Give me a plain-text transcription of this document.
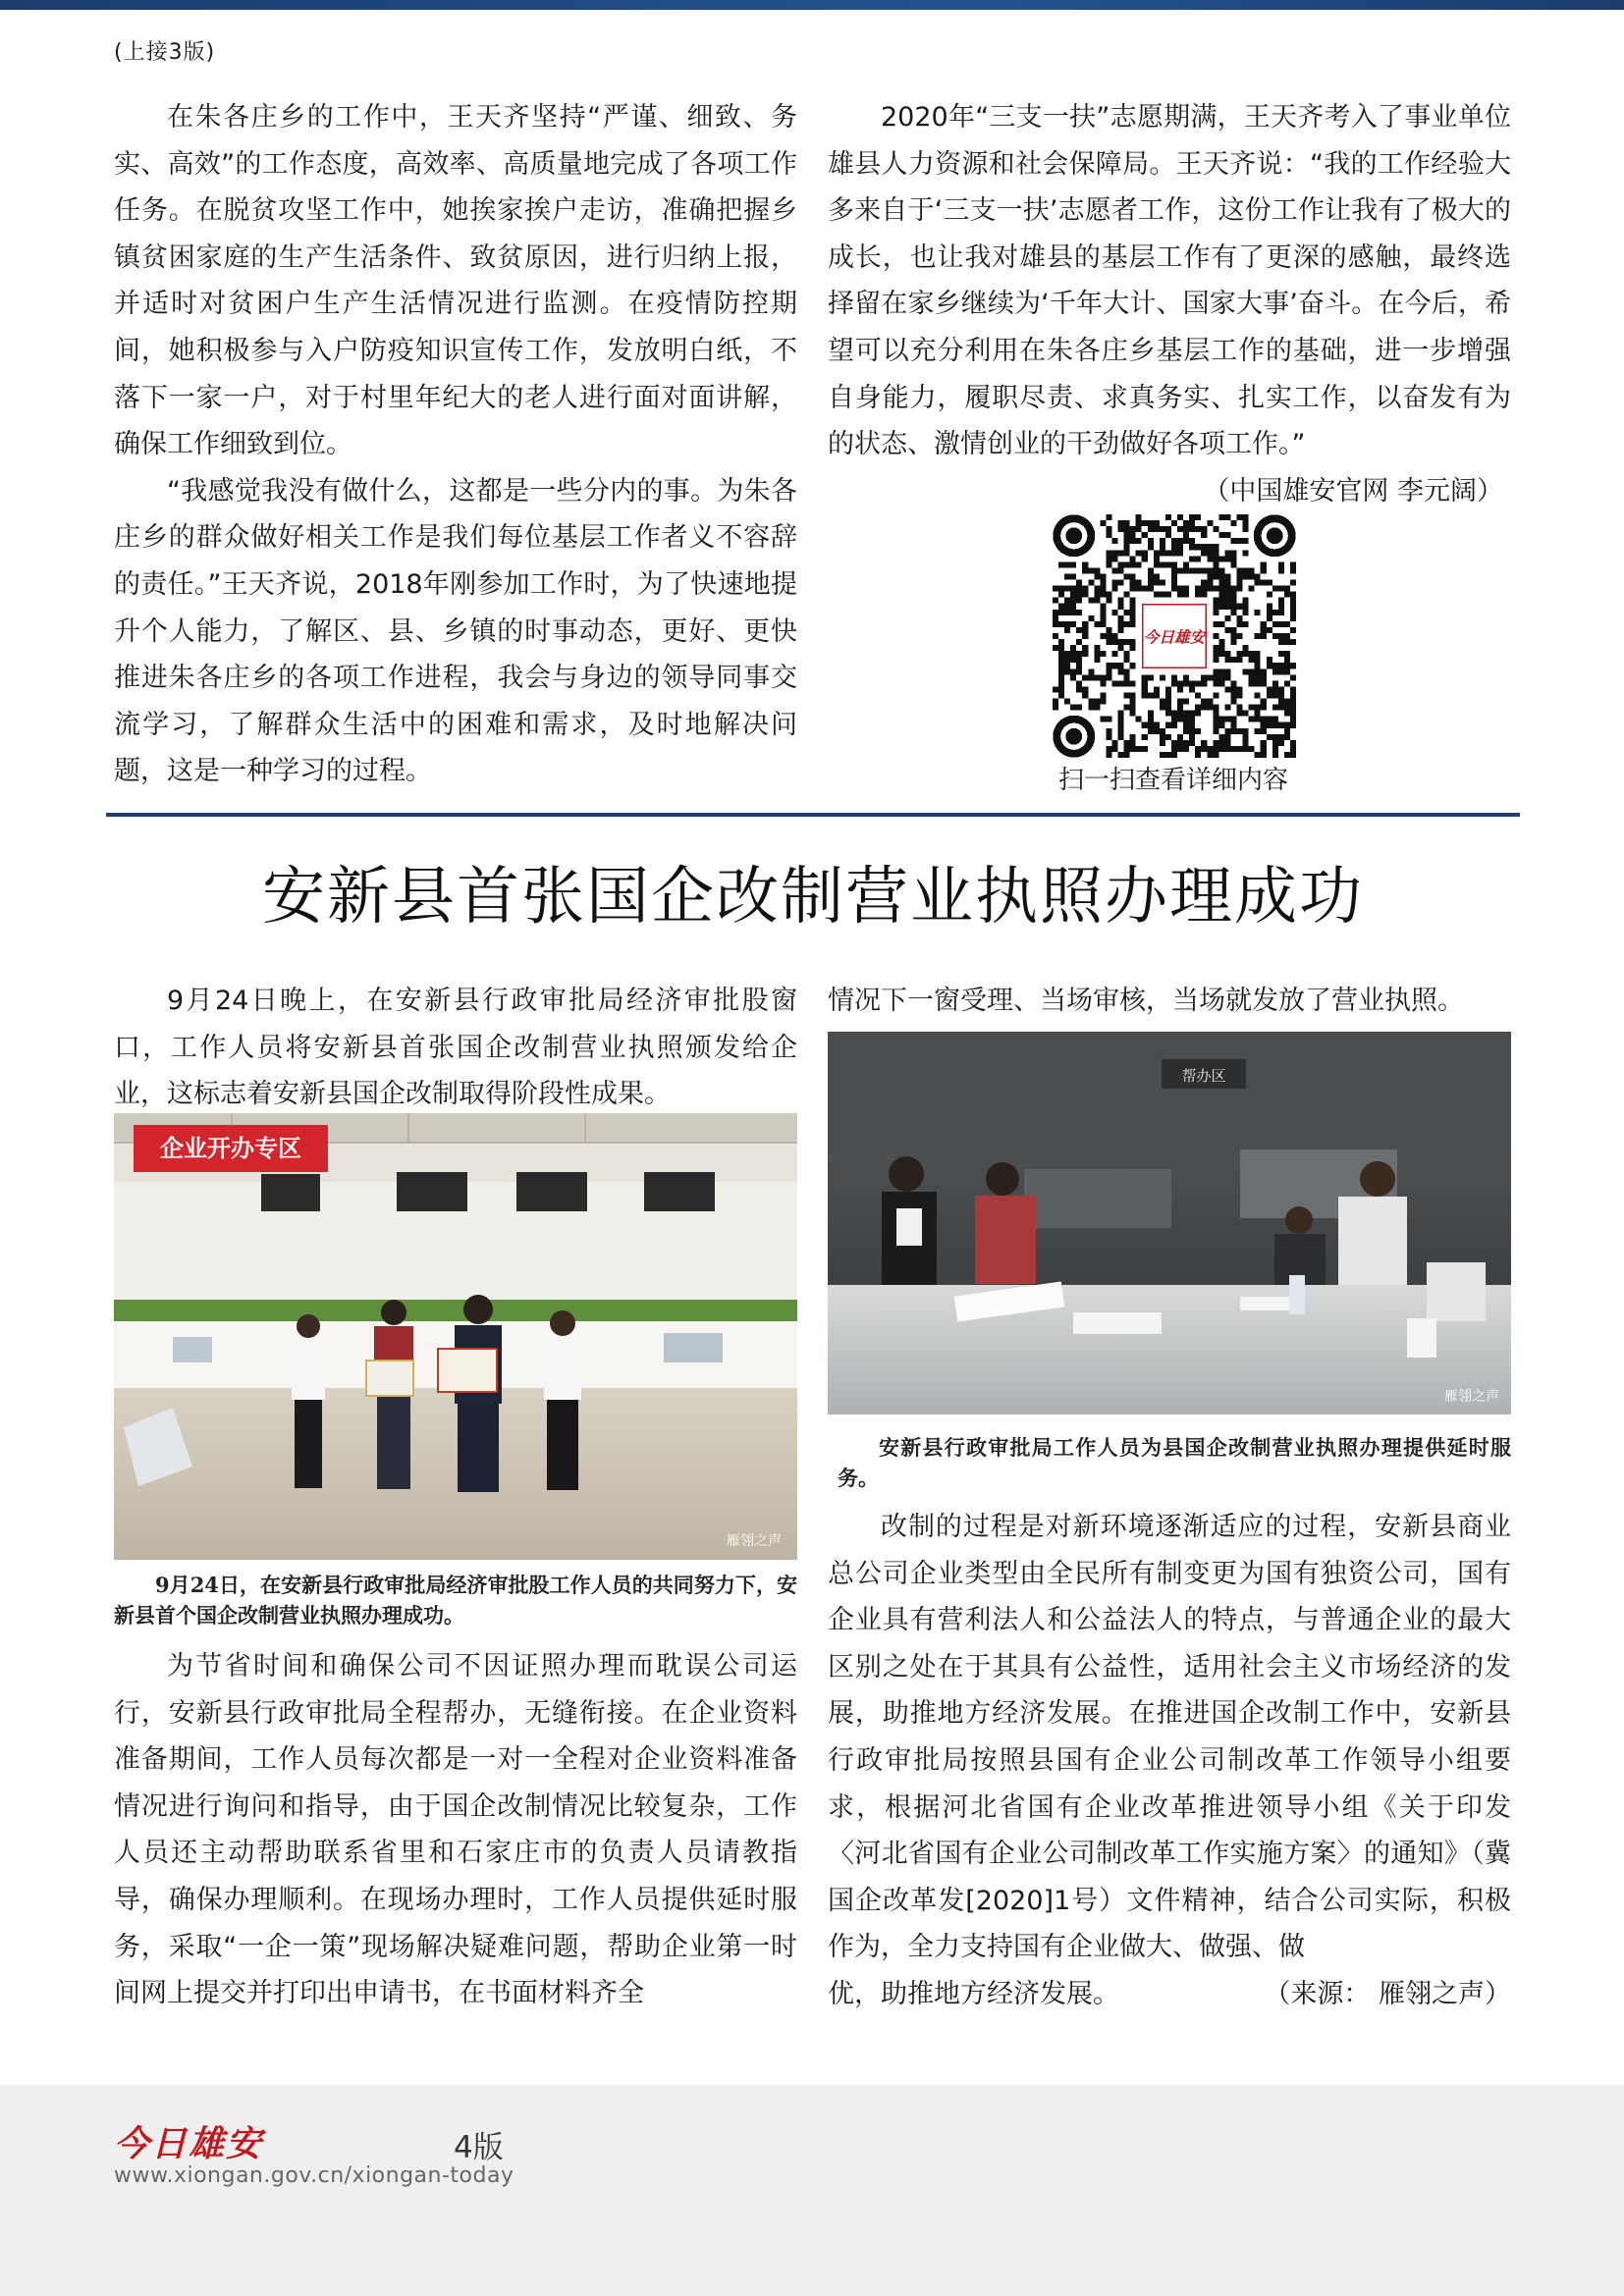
(上接3版)

在朱各庄乡的工作中，王天齐坚持“严谨、细致、务实、高效”的工作态度，高效率、高质量地完成了各项工作任务。在脱贫攻坚工作中，她挨家挨户走访，准确把握乡镇贫困家庭的生产生活条件、致贫原因，进行归纳上报，并适时对贫困户生产生活情况进行监测。在疫情防控期间，她积极参与入户防疫知识宣传工作，发放明白纸，不落下一家一户，对于村里年纪大的老人进行面对面讲解，确保工作细致到位。

“我感觉我没有做什么，这都是一些分内的事。为朱各庄乡的群众做好相关工作是我们每位基层工作者义不容辞的责任。”王天齐说，2018年刚参加工作时，为了快速地提升个人能力，了解区、县、乡镇的时事动态，更好、更快推进朱各庄乡的各项工作进程，我会与身边的领导同事交流学习，了解群众生活中的困难和需求，及时地解决问题，这是一种学习的过程。

2020年“三支一扶”志愿期满，王天齐考入了事业单位雄县人力资源和社会保障局。王天齐说：“我的工作经验大多来自于‘三支一扶’志愿者工作，这份工作让我有了极大的成长，也让我对雄县的基层工作有了更深的感触，最终选择留在家乡继续为‘千年大计、国家大事’奋斗。在今后，希望可以充分利用在朱各庄乡基层工作的基础，进一步增强自身能力，履职尽责、求真务实、扎实工作，以奋发有为的状态、激情创业的干劲做好各项工作。”

（中国雄安官网 李元阔）

今日雄安
扫一扫查看详细内容
安新县首张国企改制营业执照办理成功

9月24日晚上，在安新县行政审批局经济审批股窗口，工作人员将安新县首张国企改制营业执照颁发给企业，这标志着安新县国企改制取得阶段性成果。

情况下一窗受理、当场审核，当场就发放了营业执照。

企业开办专区
雁翎之声
9月24日，在安新县行政审批局经济审批股工作人员的共同努力下，安新县首个国企改制营业执照办理成功。
帮办区
雁翎之声
安新县行政审批局工作人员为县国企改制营业执照办理提供延时服务。

为节省时间和确保公司不因证照办理而耽误公司运行，安新县行政审批局全程帮办，无缝衔接。在企业资料准备期间，工作人员每次都是一对一全程对企业资料准备情况进行询问和指导，由于国企改制情况比较复杂，工作人员还主动帮助联系省里和石家庄市的负责人员请教指导，确保办理顺利。在现场办理时，工作人员提供延时服务，采取“一企一策”现场解决疑难问题，帮助企业第一时间网上提交并打印出申请书，在书面材料齐全

改制的过程是对新环境逐渐适应的过程，安新县商业总公司企业类型由全民所有制变更为国有独资公司，国有企业具有营利法人和公益法人的特点，与普通企业的最大区别之处在于其具有公益性，适用社会主义市场经济的发展，助推地方经济发展。在推进国企改制工作中，安新县行政审批局按照县国有企业公司制改革工作领导小组要求，根据河北省国有企业改革推进领导小组《关于印发〈河北省国有企业公司制改革工作实施方案〉的通知》（冀国企改革发[2020]1号）文件精神，结合公司实际，积极作为，全力支持国有企业做大、做强、做

优，助推地方经济发展。	（来源： 雁翎之声）
今日雄安	4版
www.xiongan.gov.cn/xiongan-today
